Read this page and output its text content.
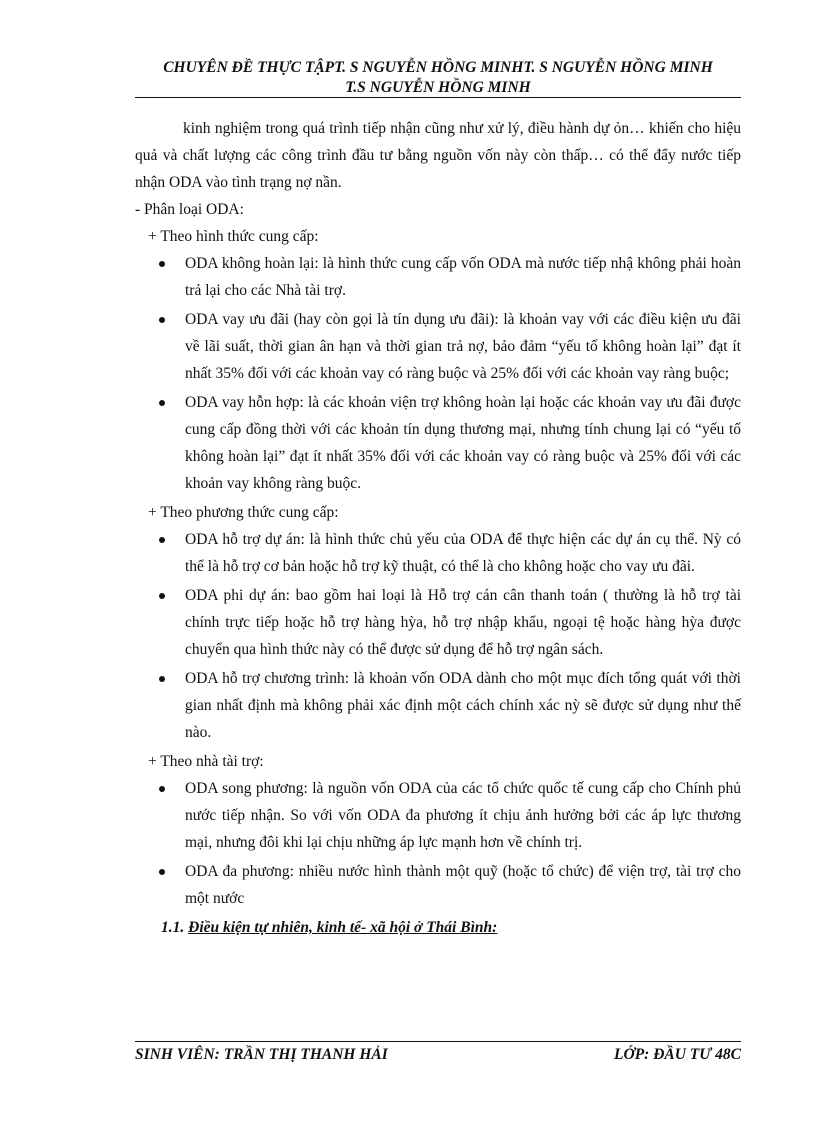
CHUYÊN ĐỀ THỰC TẬPT. S NGUYỄN HỒNG MINHT. S NGUYỄN HỒNG MINH
T.S NGUYỄN HỒNG MINH

kinh nghiệm trong quá trình tiếp nhận cũng như xử lý, điều hành dự ỏn… khiến cho hiệu quả và chất lượng các công trình đầu tư bằng nguồn vốn này còn thấp… có thể đẩy nước tiếp nhận ODA vào tình trạng nợ nần.

- Phân loại ODA:

+ Theo hình thức cung cấp:

ODA không hoàn lại: là hình thức cung cấp vốn ODA mà nước tiếp nhậ không phải hoàn trả lại cho các Nhà tài trợ.
ODA vay ưu đãi (hay còn gọi là tín dụng ưu đãi): là khoản vay với các điều kiện ưu đãi về lãi suất, thời gian ân hạn và thời gian trả nợ, bảo đảm “yếu tố không hoàn lại” đạt ít nhất 35% đối với các khoản vay có ràng buộc và 25% đối với các khoản vay ràng buộc;
ODA vay hỗn hợp: là các khoản viện trợ không hoàn lại hoặc các khoản vay ưu đãi được cung cấp đồng thời với các khoản tín dụng thương mại, nhưng tính chung lại có “yếu tố không hoàn lại” đạt ít nhất 35% đối với các khoản vay có ràng buộc và 25% đối với các khoản vay không ràng buộc.

+ Theo phương thức cung cấp:

ODA hỗ trợ dự án: là hình thức chủ yếu của ODA để thực hiện các dự án cụ thể. Nỳ có thể là hỗ trợ cơ bản hoặc hỗ trợ kỹ thuật, có thể là cho không hoặc cho vay ưu đãi.
ODA phi dự án: bao gồm hai loại là Hỗ trợ cán cân thanh toán ( thường là hỗ trợ tài chính trực tiếp hoặc hỗ trợ hàng hỳa, hỗ trợ nhập khẩu, ngoại tệ hoặc hàng hỳa được chuyển qua hình thức này có thể được sử dụng để hỗ trợ ngân sách.
ODA hỗ trợ chương trình: là khoản vốn ODA dành cho một mục đích tổng quát với thời gian nhất định mà không phải xác định một cách chính xác nỳ sẽ được sử dụng như thế nào.

+ Theo nhà tài trợ:

ODA song phương: là nguồn vốn ODA của các tổ chức quốc tế cung cấp cho Chính phủ nước tiếp nhận. So với vốn ODA đa phương ít chịu ảnh hưởng bởi các áp lực thương mại, nhưng đôi khi lại chịu những áp lực mạnh hơn về chính trị.
ODA đa phương: nhiều nước hình thành một quỹ (hoặc tổ chức) để viện trợ, tài trợ cho một nước

1.1. Điều kiện tự nhiên, kinh tế- xã hội ở Thái Bình:

SINH VIÊN: TRẦN THỊ THANH HẢI	LỚP: ĐẦU TƯ 48C
